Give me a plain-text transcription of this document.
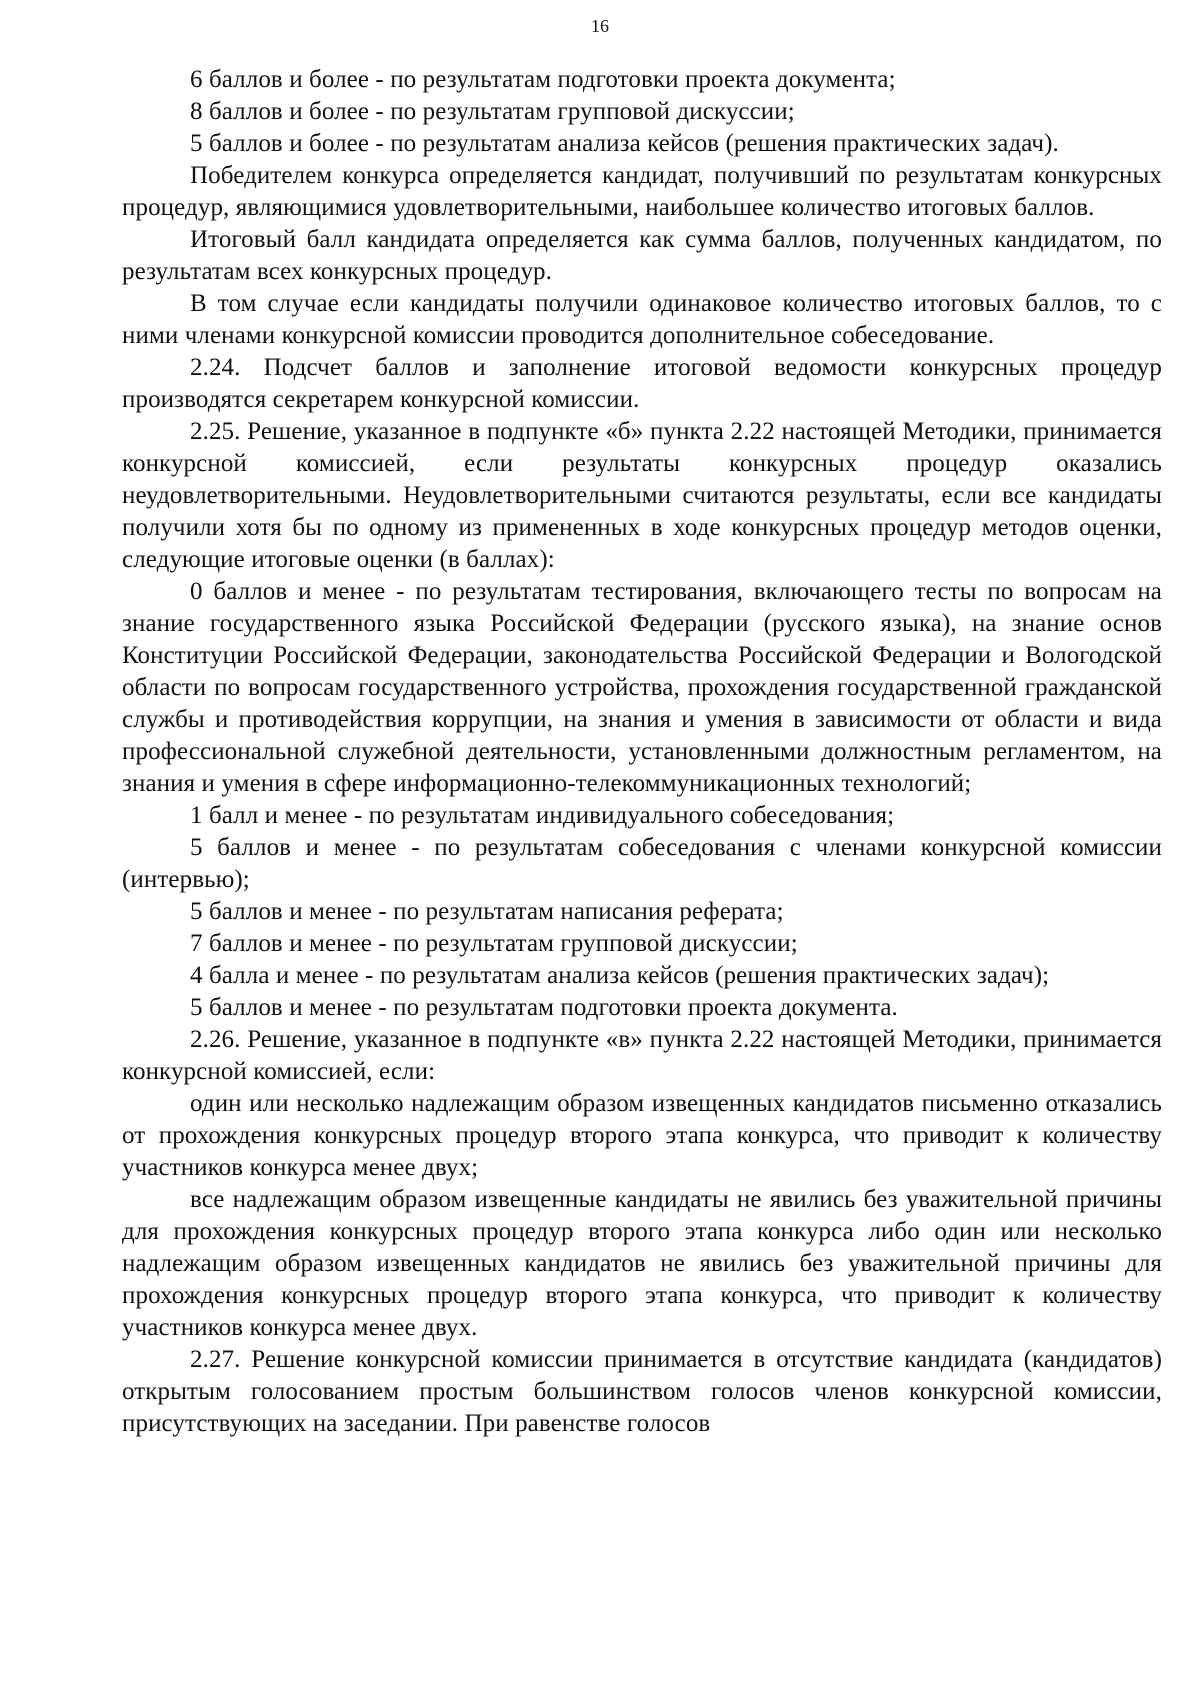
16

6 баллов и более - по результатам подготовки проекта документа;

8 баллов и более - по результатам групповой дискуссии;

5 баллов и более - по результатам анализа кейсов (решения практических задач).

Победителем конкурса определяется кандидат, получивший по результатам конкурсных процедур, являющимися удовлетворительными, наибольшее количество итоговых баллов.

Итоговый балл кандидата определяется как сумма баллов, полученных кандидатом, по результатам всех конкурсных процедур.

В том случае если кандидаты получили одинаковое количество итоговых баллов, то с ними членами конкурсной комиссии проводится дополнительное собеседование.

2.24. Подсчет баллов и заполнение итоговой ведомости конкурсных процедур производятся секретарем конкурсной комиссии.

2.25. Решение, указанное в подпункте «б» пункта 2.22 настоящей Методики, принимается конкурсной комиссией, если результаты конкурсных процедур оказались неудовлетворительными. Неудовлетворительными считаются результаты, если все кандидаты получили хотя бы по одному из примененных в ходе конкурсных процедур методов оценки, следующие итоговые оценки (в баллах):

0 баллов и менее - по результатам тестирования, включающего тесты по вопросам на знание государственного языка Российской Федерации (русского языка), на знание основ Конституции Российской Федерации, законодательства Российской Федерации и Вологодской области по вопросам государственного устройства, прохождения государственной гражданской службы и противодействия коррупции, на знания и умения в зависимости от области и вида профессиональной служебной деятельности, установленными должностным регламентом, на знания и умения в сфере информационно-телекоммуникационных технологий;

1 балл и менее - по результатам индивидуального собеседования;

5 баллов и менее - по результатам собеседования с членами конкурсной комиссии (интервью);

5 баллов и менее - по результатам написания реферата;

7 баллов и менее - по результатам групповой дискуссии;

4 балла и менее - по результатам анализа кейсов (решения практических задач);

5 баллов и менее - по результатам подготовки проекта документа.

2.26. Решение, указанное в подпункте «в» пункта 2.22 настоящей Методики, принимается конкурсной комиссией, если:

один или несколько надлежащим образом извещенных кандидатов письменно отказались от прохождения конкурсных процедур второго этапа конкурса, что приводит к количеству участников конкурса менее двух;

все надлежащим образом извещенные кандидаты не явились без уважительной причины для прохождения конкурсных процедур второго этапа конкурса либо один или несколько надлежащим образом извещенных кандидатов не явились без уважительной причины для прохождения конкурсных процедур второго этапа конкурса, что приводит к количеству участников конкурса менее двух.

2.27. Решение конкурсной комиссии принимается в отсутствие кандидата (кандидатов) открытым голосованием простым большинством голосов членов конкурсной комиссии, присутствующих на заседании. При равенстве голосов
